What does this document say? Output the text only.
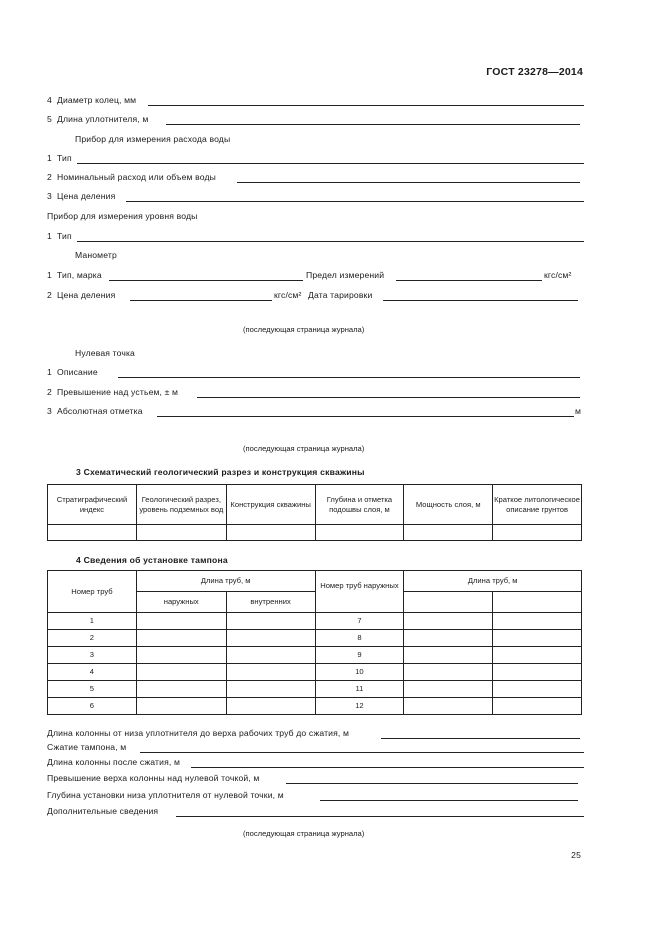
ГОСТ 23278—2014
4 Диаметр колец, мм
5 Длина уплотнителя, м
Прибор для измерения расхода воды
1 Тип
2 Номинальный расход или объем воды
3 Цена деления
Прибор для измерения уровня воды
1 Тип
Манометр
1 Тип, марка	Предел измерений	кгс/см²
2 Цена деления	кгс/см² Дата тарировки
(последующая страница журнала)
Нулевая точка
1 Описание
2 Превышение над устьем, ± м
3 Абсолютная отметка	м
(последующая страница журнала)
3 Схематический геологический разрез и конструкция скважины
Стратиграфический индекс	Геологический разрез, уровень подземных вод	Конструкция скважины	Глубина и отметка подошвы слоя, м	Мощность слоя, м	Краткое литологическое описание грунтов

4 Сведения об установке тампона
Номер труб	Длина труб, м		Номер труб наружных	Длина труб, м	
	наружных	внутренних			
1			7		
2			8		
3			9		
4			10		
5			11		
6			12		
Длина колонны от низа уплотнителя до верха рабочих труб до сжатия, м
Сжатие тампона, м
Длина колонны после сжатия, м
Превышение верха колонны над нулевой точкой, м
Глубина установки низа уплотнителя от нулевой точки, м
Дополнительные сведения
(последующая страница журнала)
25
